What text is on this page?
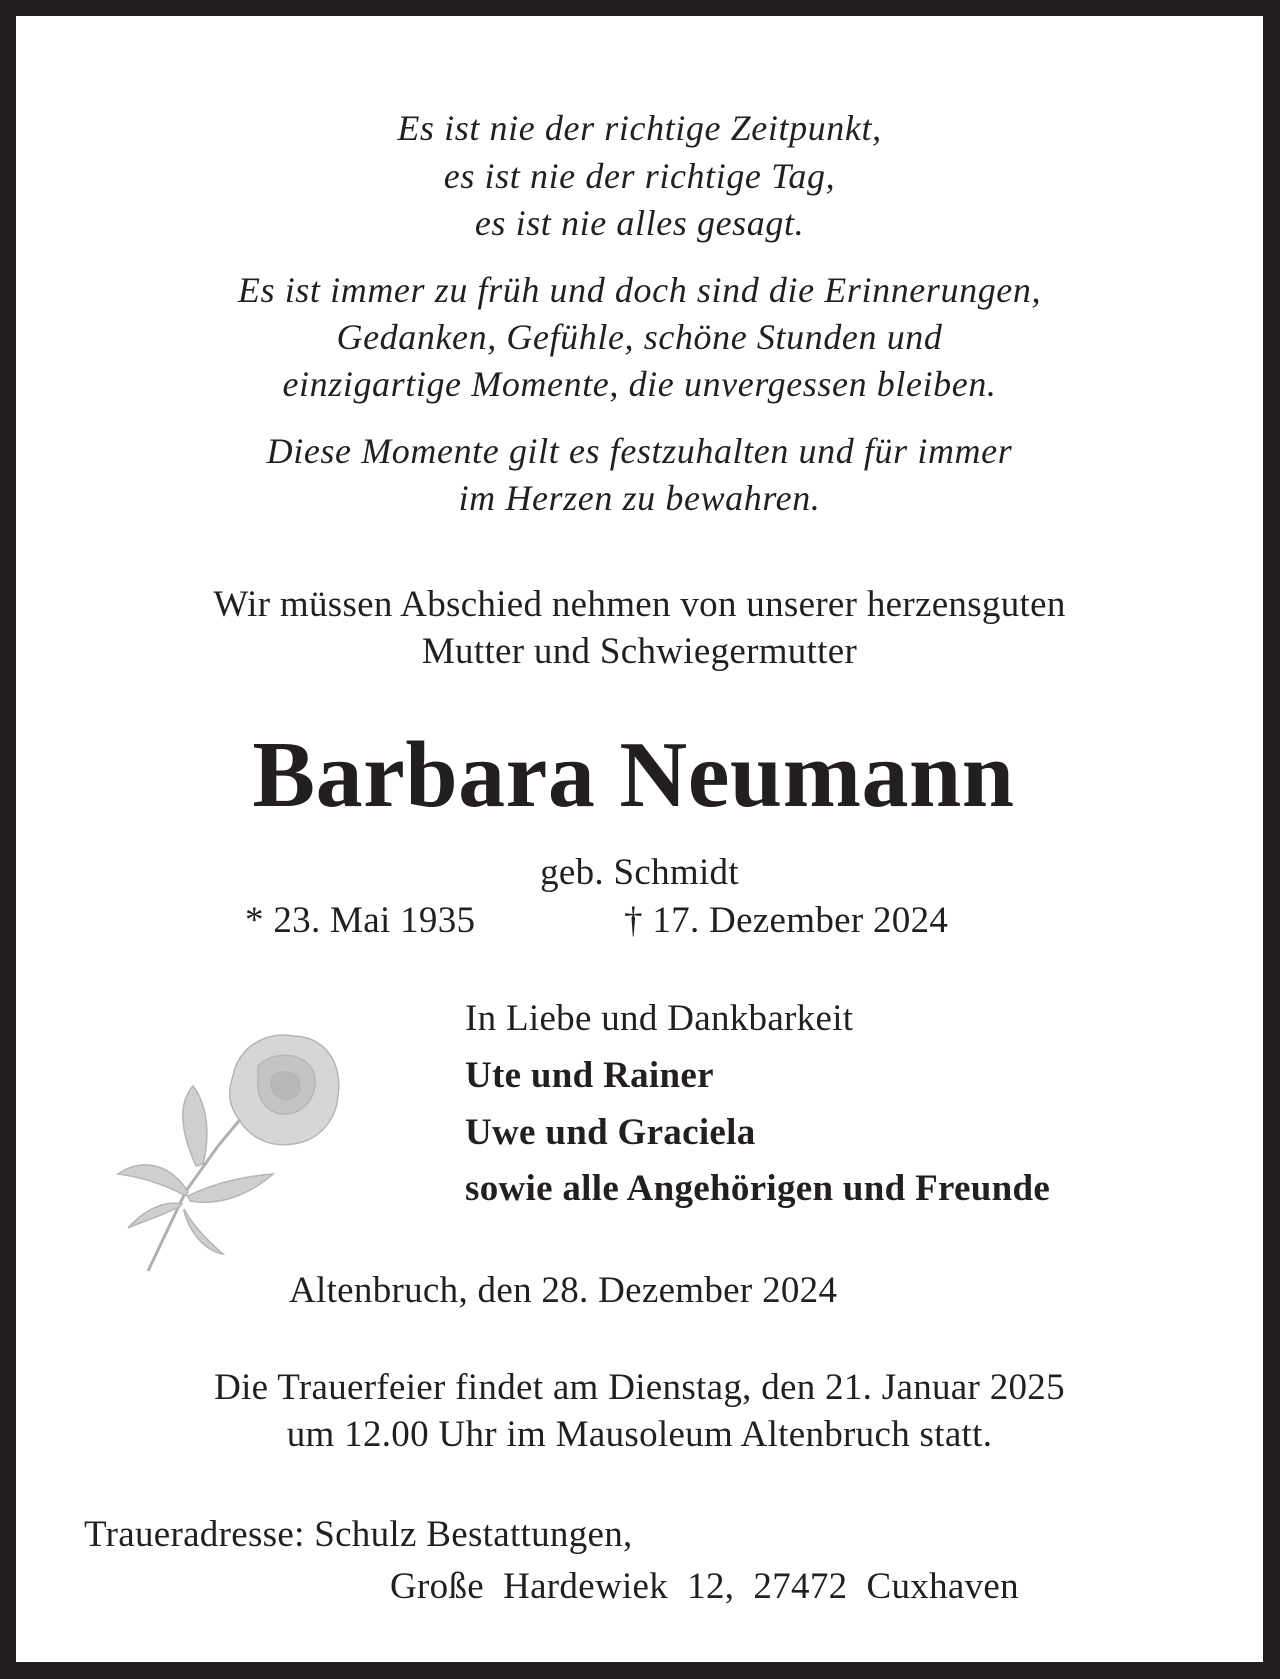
Es ist nie der richtige Zeitpunkt,
es ist nie der richtige Tag,
es ist nie alles gesagt.
Es ist immer zu früh und doch sind die Erinnerungen,
Gedanken, Gefühle, schöne Stunden und
einzigartige Momente, die unvergessen bleiben.
Diese Momente gilt es festzuhalten und für immer
im Herzen zu bewahren.
Wir müssen Abschied nehmen von unserer herzensguten
Mutter und Schwiegermutter
Barbara Neumann
geb. Schmidt
* 23. Mai 1935	† 17. Dezember 2024
In Liebe und Dankbarkeit
Ute und Rainer
Uwe und Graciela
sowie alle Angehörigen und Freunde
Altenbruch, den 28. Dezember 2024
Die Trauerfeier findet am Dienstag, den 21. Januar 2025
um 12.00 Uhr im Mausoleum Altenbruch statt.
Traueradresse: Schulz Bestattungen,
Große  Hardewiek  12,  27472  Cuxhaven
